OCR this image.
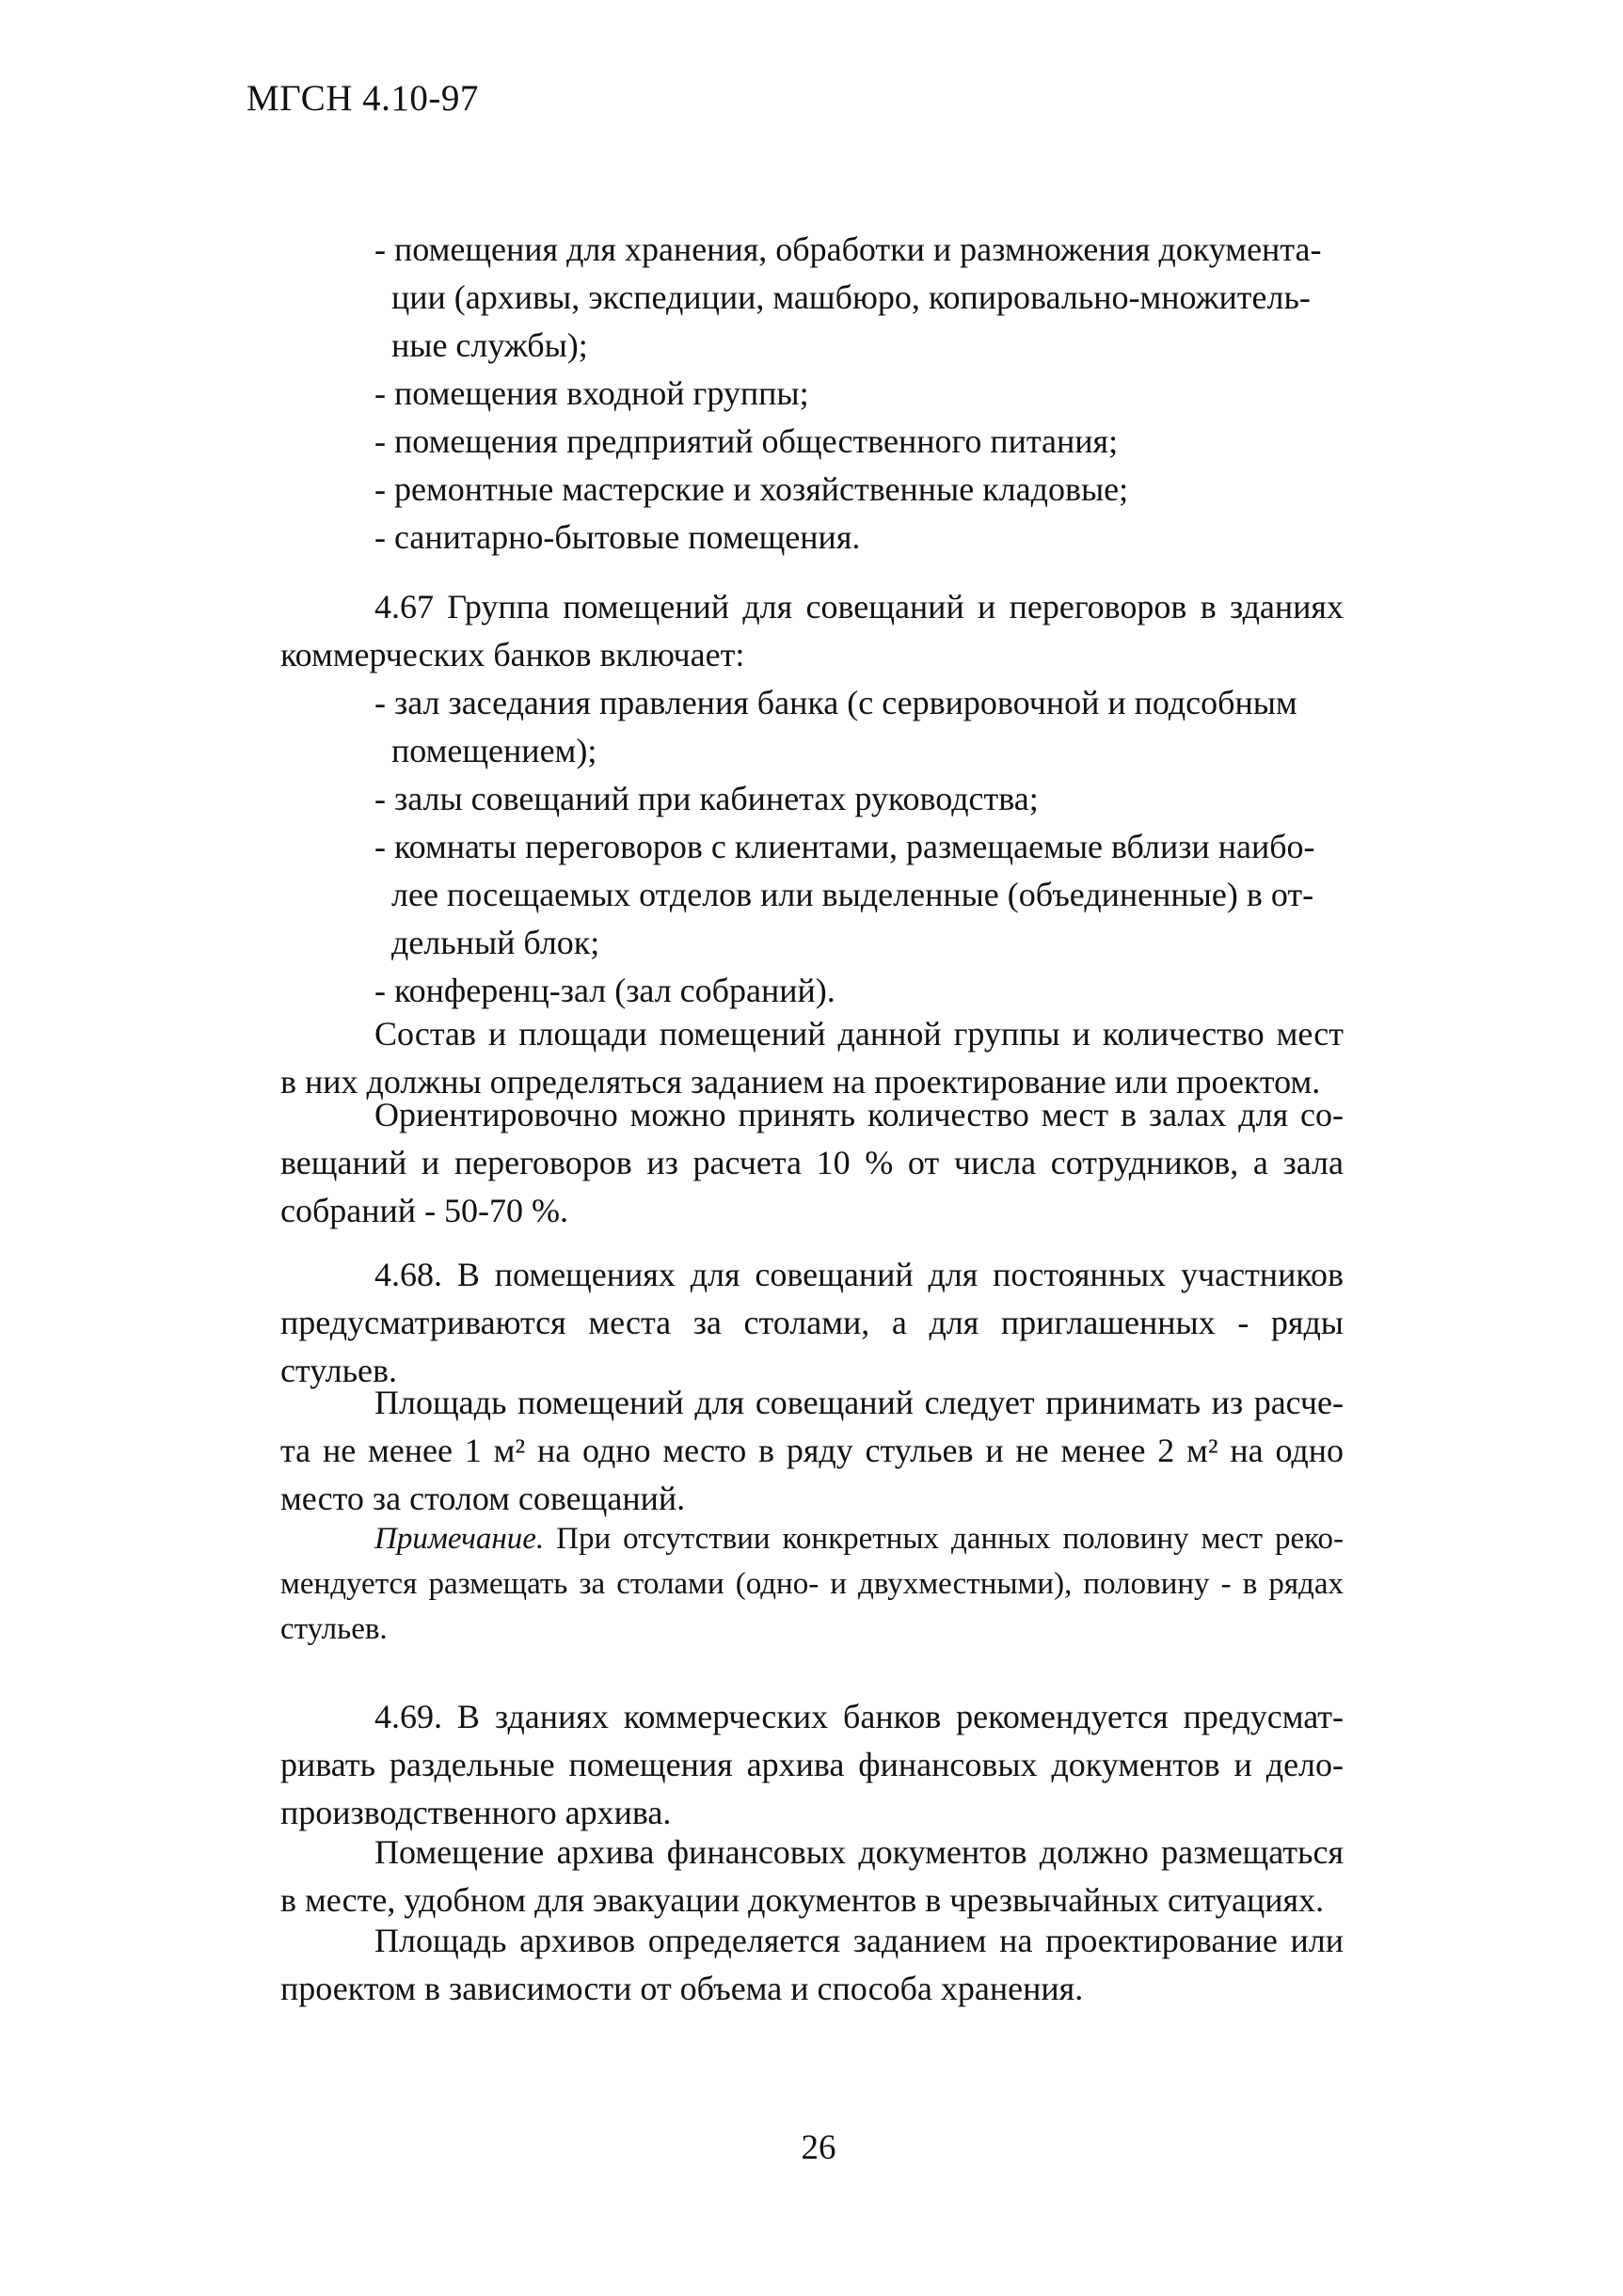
МГСН 4.10-97
- помещения для хранения, обработки и размножения документа-
ции (архивы, экспедиции, машбюро, копировально-множитель-
ные службы);
- помещения входной группы;
- помещения предприятий общественного питания;
- ремонтные мастерские и хозяйственные кладовые;
- санитарно-бытовые помещения.
4.67 Группа помещений для совещаний и переговоров в зданиях
коммерческих банков включает:
- зал заседания правления банка (с сервировочной и подсобным
помещением);
- залы совещаний при кабинетах руководства;
- комнаты переговоров с клиентами, размещаемые вблизи наибо-
лее посещаемых отделов или выделенные (объединенные) в от-
дельный блок;
- конференц-зал (зал собраний).
Состав и площади помещений данной группы и количество мест
в них должны определяться заданием на проектирование или проектом.
Ориентировочно можно принять количество мест в залах для со-
вещаний и переговоров из расчета 10 % от числа сотрудников, а зала
собраний - 50-70 %.
4.68. В помещениях для совещаний для постоянных участников
предусматриваются места за столами, а для приглашенных - ряды
стульев.
Площадь помещений для совещаний следует принимать из расче-
та не менее 1 м² на одно место в ряду стульев и не менее 2 м² на одно
место за столом совещаний.
Примечание. При отсутствии конкретных данных половину мест реко-
мендуется размещать за столами (одно- и двухместными), половину - в рядах
стульев.
4.69. В зданиях коммерческих банков рекомендуется предусмат-
ривать раздельные помещения архива финансовых документов и дело-
производственного архива.
Помещение архива финансовых документов должно размещаться
в месте, удобном для эвакуации документов в чрезвычайных ситуациях.
Площадь архивов определяется заданием на проектирование или
проектом в зависимости от объема и способа хранения.
26
